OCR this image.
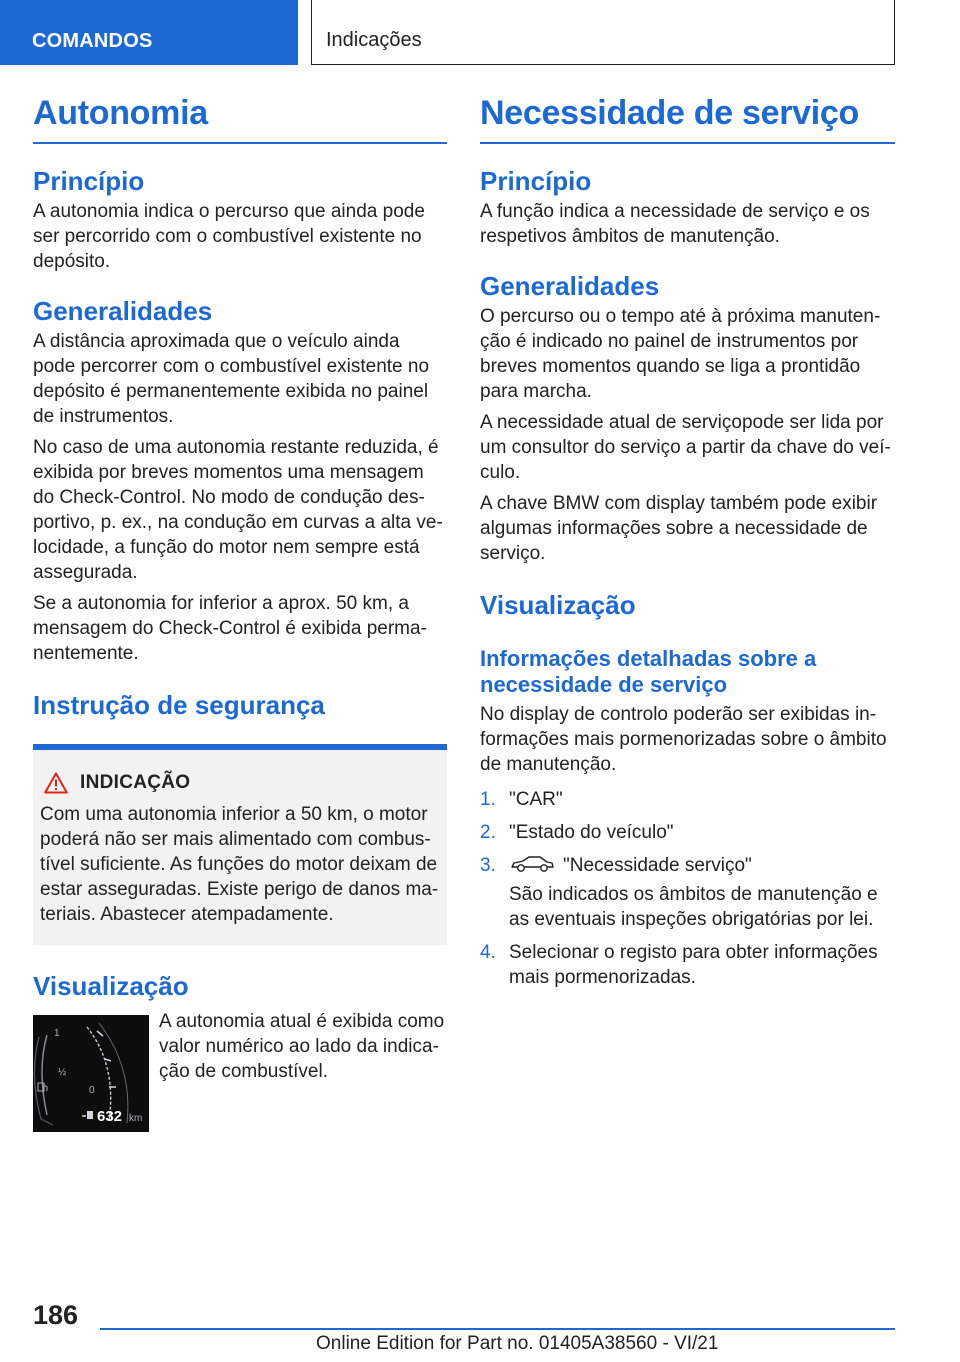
COMANDOS	Indicações
Autonomia
Princípio

A autonomia indica o percurso que ainda pode ser percorrido com o combustível existente no depósito.

Generalidades

A distância aproximada que o veículo ainda pode percorrer com o combustível existente no depósito é permanentemente exibida no painel de instrumentos.

No caso de uma autonomia restante reduzida, é exibida por breves momentos uma mensagem do Check-Control. No modo de condução desportivo, p. ex., na condução em curvas a alta velocidade, a função do motor nem sempre está assegurada.

Se a autonomia for inferior a aprox. 50 km, a mensagem do Check-Control é exibida permanentemente.

Instrução de segurança
INDICAÇÃO

Com uma autonomia inferior a 50 km, o motor poderá não ser mais alimentado com combustível suficiente. As funções do motor deixam de estar asseguradas. Existe perigo de danos materiais. Abastecer atempadamente.

Visualização
1
½
0
632 km

A autonomia atual é exibida como valor numérico ao lado da indicação de combustível.

Necessidade de serviço
Princípio

A função indica a necessidade de serviço e os respetivos âmbitos de manutenção.

Generalidades

O percurso ou o tempo até à próxima manutenção é indicado no painel de instrumentos por breves momentos quando se liga a prontidão para marcha.

A necessidade atual de serviçopode ser lida por um consultor do serviço a partir da chave do veículo.

A chave BMW com display também pode exibir algumas informações sobre a necessidade de serviço.

Visualização
Informações detalhadas sobre a necessidade de serviço

No display de controlo poderão ser exibidas informações mais pormenorizadas sobre o âmbito de manutenção.

1. "CAR"
2. "Estado do veículo"
3.	"Necessidade serviço"
São indicados os âmbitos de manutenção e as eventuais inspeções obrigatórias por lei.
4. Selecionar o registo para obter informações mais pormenorizadas.
186
Online Edition for Part no. 01405A38560 - VI/21
